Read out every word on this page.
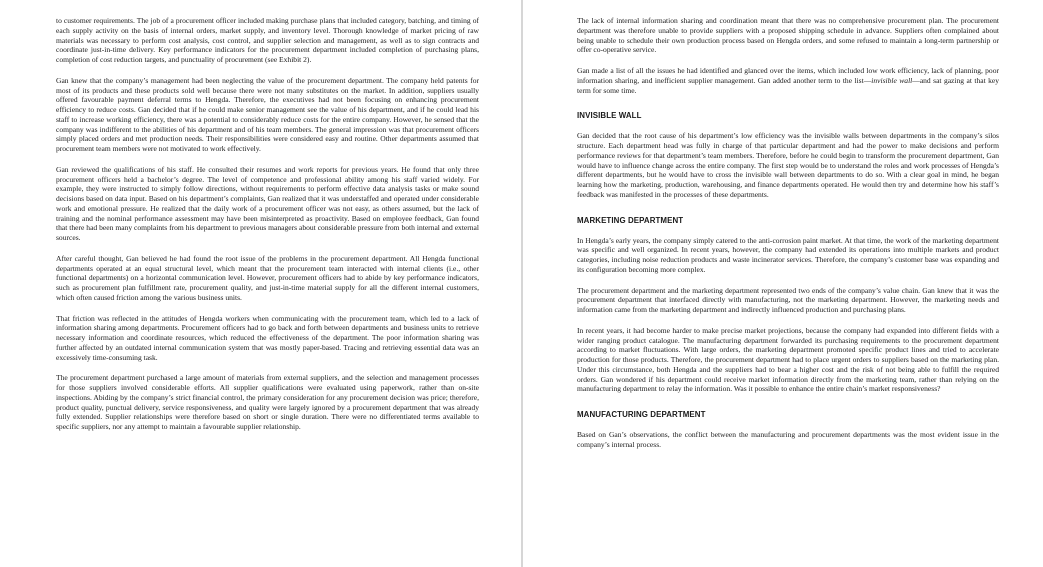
to customer requirements. The job of a procurement officer included making purchase plans that included category, batching, and timing of each supply activity on the basis of internal orders, market supply, and inventory level. Thorough knowledge of market pricing of raw materials was necessary to perform cost analysis, cost control, and supplier selection and management, as well as to sign contracts and coordinate just-in-time delivery. Key performance indicators for the procurement department included completion of purchasing plans, completion of cost reduction targets, and punctuality of procurement (see Exhibit 2).

Gan knew that the company’s management had been neglecting the value of the procurement department. The company held patents for most of its products and these products sold well because there were not many substitutes on the market. In addition, suppliers usually offered favourable payment deferral terms to Hengda. Therefore, the executives had not been focusing on enhancing procurement efficiency to reduce costs. Gan decided that if he could make senior management see the value of his department, and if he could lead his staff to increase working efficiency, there was a potential to considerably reduce costs for the entire company. However, he sensed that the company was indifferent to the abilities of his department and of his team members. The general impression was that procurement officers simply placed orders and met production needs. Their responsibilities were considered easy and routine. Other departments assumed that procurement team members were not motivated to work effectively.

Gan reviewed the qualifications of his staff. He consulted their resumes and work reports for previous years. He found that only three procurement officers held a bachelor’s degree. The level of competence and professional ability among his staff varied widely. For example, they were instructed to simply follow directions, without requirements to perform effective data analysis tasks or make sound decisions based on data input. Based on his department’s complaints, Gan realized that it was understaffed and operated under considerable work and emotional pressure. He realized that the daily work of a procurement officer was not easy, as others assumed, but the lack of training and the nominal performance assessment may have been misinterpreted as proactivity. Based on employee feedback, Gan found that there had been many complaints from his department to previous managers about considerable pressure from both internal and external sources.

After careful thought, Gan believed he had found the root issue of the problems in the procurement department. All Hengda functional departments operated at an equal structural level, which meant that the procurement team interacted with internal clients (i.e., other functional departments) on a horizontal communication level. However, procurement officers had to abide by key performance indicators, such as procurement plan fulfillment rate, procurement quality, and just-in-time material supply for all the different internal customers, which often caused friction among the various business units.

That friction was reflected in the attitudes of Hengda workers when communicating with the procurement team, which led to a lack of information sharing among departments. Procurement officers had to go back and forth between departments and business units to retrieve necessary information and coordinate resources, which reduced the effectiveness of the department. The poor information sharing was further affected by an outdated internal communication system that was mostly paper-based. Tracing and retrieving essential data was an excessively time-consuming task.

The procurement department purchased a large amount of materials from external suppliers, and the selection and management processes for those suppliers involved considerable efforts. All supplier qualifications were evaluated using paperwork, rather than on-site inspections. Abiding by the company’s strict financial control, the primary consideration for any procurement decision was price; therefore, product quality, punctual delivery, service responsiveness, and quality were largely ignored by a procurement department that was already fully extended. Supplier relationships were therefore based on short or single duration. There were no differentiated terms available to specific suppliers, nor any attempt to maintain a favourable supplier relationship.

The lack of internal information sharing and coordination meant that there was no comprehensive procurement plan. The procurement department was therefore unable to provide suppliers with a proposed shipping schedule in advance. Suppliers often complained about being unable to schedule their own production process based on Hengda orders, and some refused to maintain a long-term partnership or offer co-operative service.

Gan made a list of all the issues he had identified and glanced over the items, which included low work efficiency, lack of planning, poor information sharing, and inefficient supplier management. Gan added another term to the list—invisible wall—and sat gazing at that key term for some time.

INVISIBLE WALL

Gan decided that the root cause of his department’s low efficiency was the invisible walls between departments in the company’s silos structure. Each department head was fully in charge of that particular department and had the power to make decisions and perform performance reviews for that department’s team members. Therefore, before he could begin to transform the procurement department, Gan would have to influence change across the entire company. The first step would be to understand the roles and work processes of Hengda’s different departments, but he would have to cross the invisible wall between departments to do so. With a clear goal in mind, he began learning how the marketing, production, warehousing, and finance departments operated. He would then try and determine how his staff’s feedback was manifested in the processes of these departments.

MARKETING DEPARTMENT

In Hengda’s early years, the company simply catered to the anti-corrosion paint market. At that time, the work of the marketing department was specific and well organized. In recent years, however, the company had extended its operations into multiple markets and product categories, including noise reduction products and waste incinerator services. Therefore, the company’s customer base was expanding and its configuration becoming more complex.

The procurement department and the marketing department represented two ends of the company’s value chain. Gan knew that it was the procurement department that interfaced directly with manufacturing, not the marketing department. However, the marketing needs and information came from the marketing department and indirectly influenced production and purchasing plans.

In recent years, it had become harder to make precise market projections, because the company had expanded into different fields with a wider ranging product catalogue. The manufacturing department forwarded its purchasing requirements to the procurement department according to market fluctuations. With large orders, the marketing department promoted specific product lines and tried to accelerate production for those products. Therefore, the procurement department had to place urgent orders to suppliers based on the marketing plan. Under this circumstance, both Hengda and the suppliers had to bear a higher cost and the risk of not being able to fulfill the required orders. Gan wondered if his department could receive market information directly from the marketing team, rather than relying on the manufacturing department to relay the information. Was it possible to enhance the entire chain’s market responsiveness?

MANUFACTURING DEPARTMENT

Based on Gan’s observations, the conflict between the manufacturing and procurement departments was the most evident issue in the company’s internal process.
